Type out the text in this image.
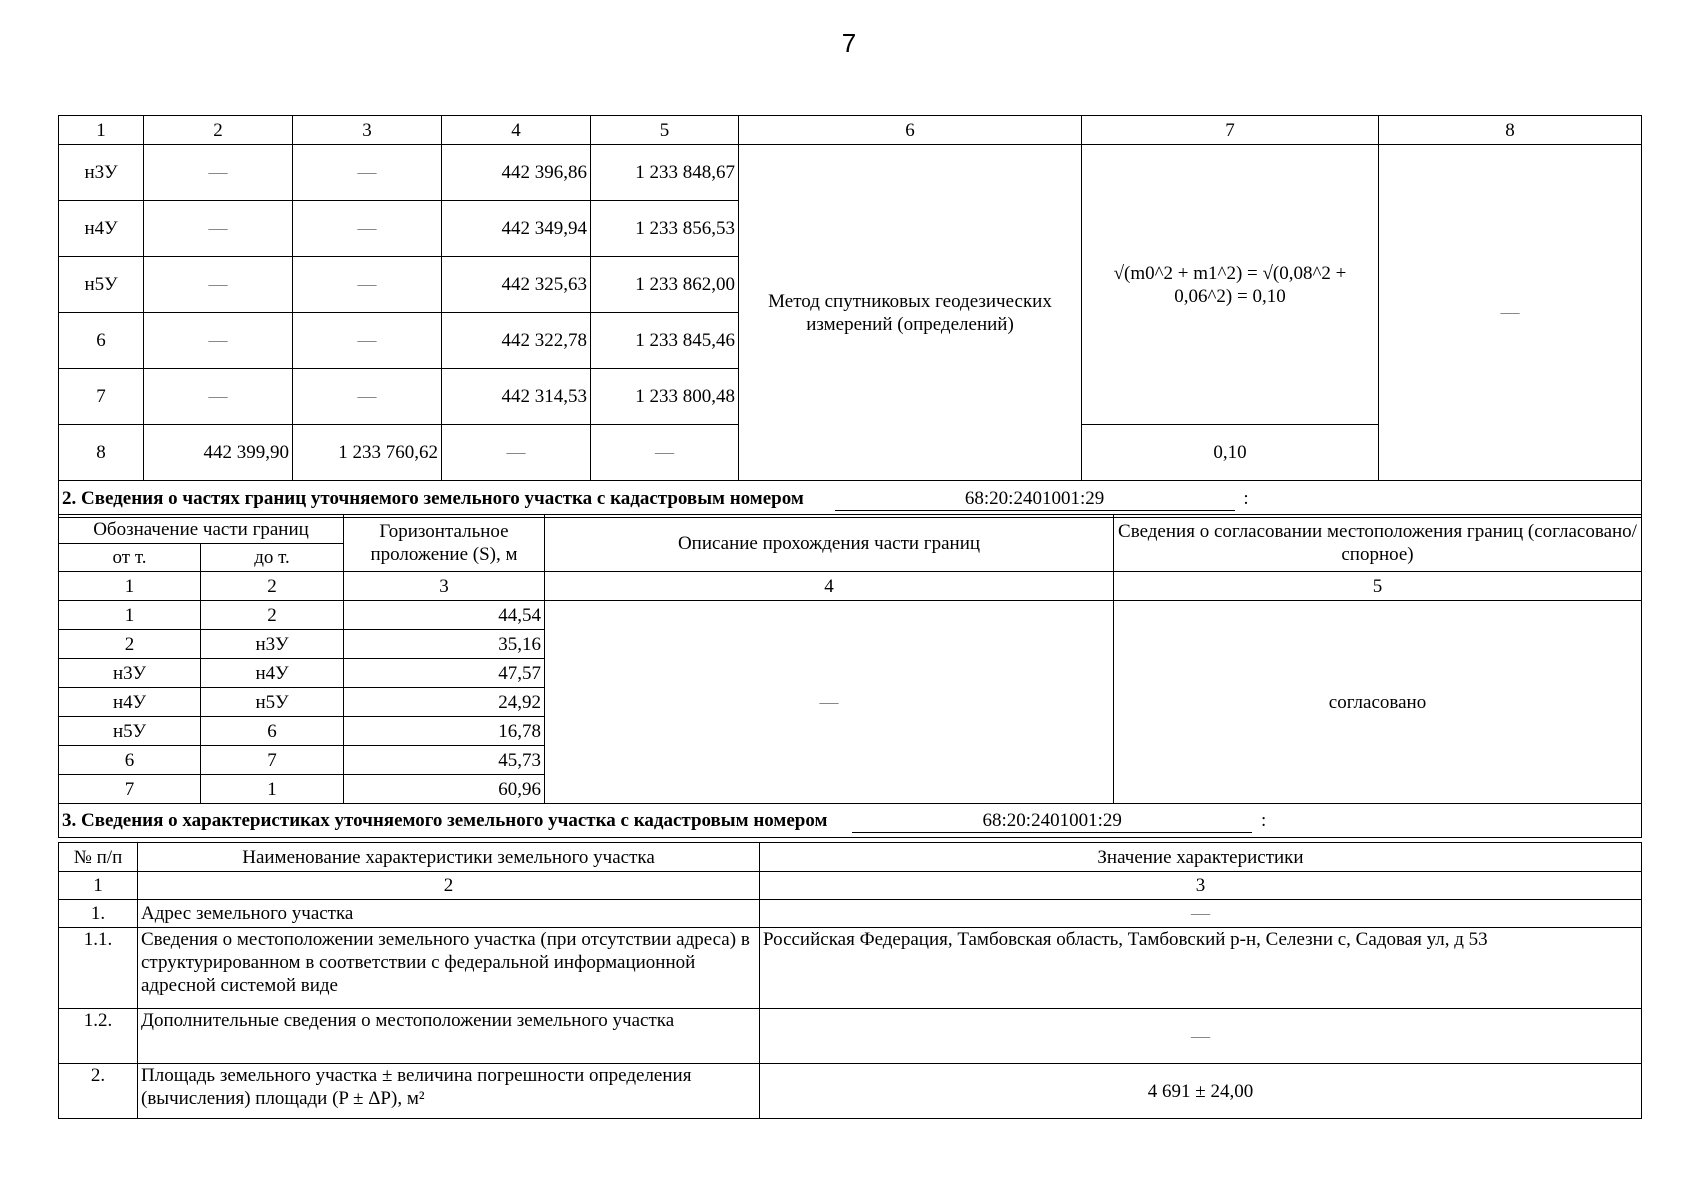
7
1	2	3	4	5	6	7	8
н3У	—	—	442 396,86	1 233 848,67	Метод спутниковых геодезических измерений (определений)	√(m0^2 + m1^2) = √(0,08^2 + 0,06^2) = 0,10	—
н4У	—	—	442 349,94	1 233 856,53			
н5У	—	—	442 325,63	1 233 862,00			
6	—	—	442 322,78	1 233 845,46			
7	—	—	442 314,53	1 233 800,48			
8	442 399,90	1 233 760,62	—	—		0,10	
2. Сведения о частях границ уточняемого земельного участка с кадастровым номером 68:20:2401001:29 :							
Обозначение части границ		Горизонтальное проложение (S), м	Описание прохождения части границ	Сведения о согласовании местоположения границ (согласовано/спорное)
от т.	до т.			
1	2	3	4	5
1	2	44,54	—	согласовано
2	н3У	35,16		
н3У	н4У	47,57		
н4У	н5У	24,92		
н5У	6	16,78		
6	7	45,73		
7	1	60,96		
3. Сведения о характеристиках уточняемого земельного участка с кадастровым номером 68:20:2401001:29 :				
№ п/п	Наименование характеристики земельного участка	Значение характеристики
1	2	3
1.	Адрес земельного участка	—
1.1.	Сведения о местоположении земельного участка (при отсутствии адреса) в структурированном в соответствии с федеральной информационной адресной системой виде	Российская Федерация, Тамбовская область, Тамбовский р-н, Селезни с, Садовая ул, д 53
1.2.	Дополнительные сведения о местоположении земельного участка	—
2.	Площадь земельного участка ± величина погрешности определения (вычисления) площади (P ± ΔP), м²	4 691 ± 24,00
